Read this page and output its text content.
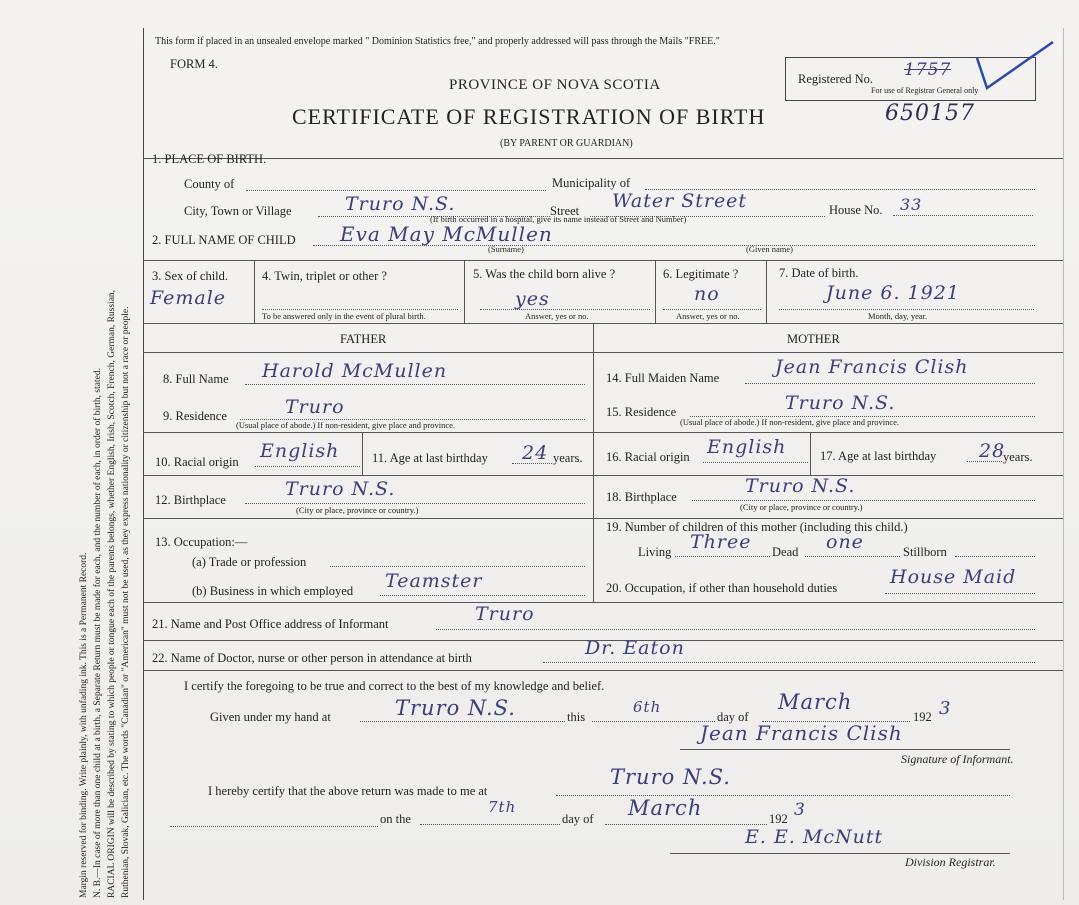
Margin reserved for binding. Write plainly, with unfading ink. This is a Permanent Record. N. B.—In case of more than one child at a birth, a Separate Return must be made for each, and the number of each, in order of birth, stated. RACIAL ORIGIN will be described by stating to which people or tongue each of the parents belongs, whether English, Irish, Scotch, French, German, Russian, Ruthenian, Slovak, Galician, etc. The words "Canadian" or "American" must not be used, as they express nationality or citizenship but not a race or people.
This form if placed in an unsealed envelope marked " Dominion Statistics free," and properly addressed will pass through the Mails "FREE."
FORM 4.
PROVINCE OF NOVA SCOTIA
CERTIFICATE OF REGISTRATION OF BIRTH	650157
(BY PARENT OR GUARDIAN)
Registered No. 1757
For use of Registrar General only
1. PLACE OF BIRTH.
County of	Municipality of
City, Town or Village	Truro N.S.	Street Water Street	House No. 33
(If birth occurred in a hospital, give its name instead of Street and Number)
2. FULL NAME OF CHILD Eva May McMullen
(Surname)	(Given name)
3. Sex of child.
Female
4. Twin, triplet or other ?
To be answered only in the event of plural birth.
5. Was the child born alive ?
yes
Answer, yes or no.
6. Legitimate ?
no
Answer, yes or no.
7. Date of birth.
June 6. 1921
Month, day, year.
FATHER	MOTHER
8. Full Name Harold McMullen
9. Residence	Truro
(Usual place of abode.) If non-resident, give place and province.
10. Racial origin English	11. Age at last birthday 24 years.
12. Birthplace	Truro N.S.
(City or place, province or country.)
13. Occupation:—
(a) Trade or profession
(b) Business in which employed Teamster
14. Full Maiden Name	Jean Francis Clish
15. Residence	Truro N.S.
(Usual place of abode.) If non-resident, give place and province.
16. Racial origin English	17. Age at last birthday 28
years.
18. Birthplace	Truro N.S.
(City or place, province or country.)
19. Number of children of this mother (including this child.)
Living Three Dead one	Stillborn
20. Occupation, if other than household duties	House Maid
21. Name and Post Office address of Informant	Truro
22. Name of Doctor, nurse or other person in attendance at birth	Dr. Eaton
I certify the foregoing to be true and correct to the best of my knowledge and belief.
Given under my hand at	Truro N.S.	this
6th
day of
March
192 3
Jean Francis Clish
Signature of Informant.
I hereby certify that the above return was made to me at
Truro N.S.
on the
7th
day of March	192 3
E. E. McNutt
Division Registrar.
